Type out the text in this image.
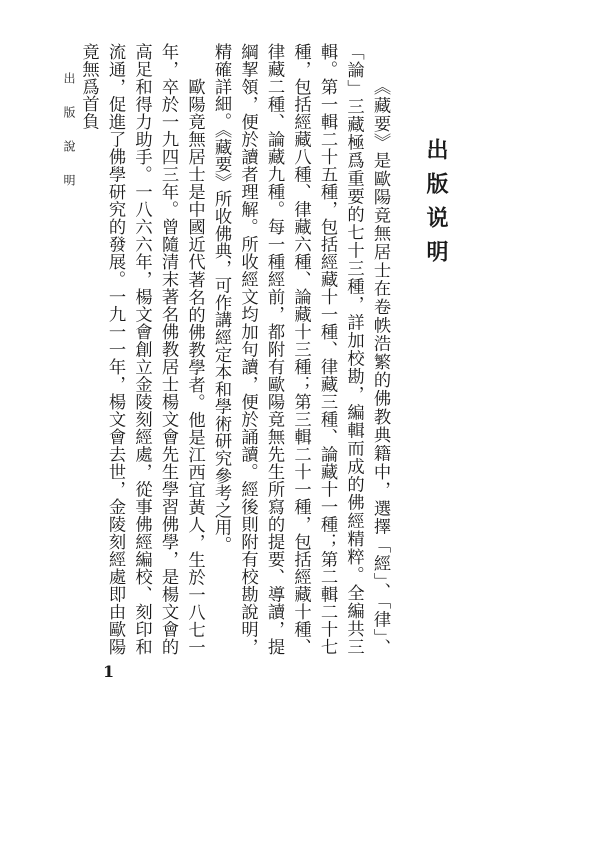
出 版 說 明
出版说明

《藏要》是歐陽竟無居士在卷帙浩繁的佛教典籍中，選擇「經」、「律」、「論」三藏極爲重要的七十三種，詳加校勘，編輯而成的佛經精粹。全編共三輯。第一輯二十五種，包括經藏十一種、律藏三種、論藏十一種；第二輯二十七種，包括經藏八種、律藏六種、論藏十三種；第三輯二十一種，包括經藏十種、律藏二種、論藏九種。每一種經前，都附有歐陽竟無先生所寫的提要、導讀，提綱挈領，便於讀者理解。所收經文均加句讀，便於誦讀。經後則附有校勘說明，精確詳細。《藏要》所收佛典，可作講經定本和學術研究參考之用。

歐陽竟無居士是中國近代著名的佛教學者。他是江西宜黃人，生於一八七一年，卒於一九四三年。曾隨清末著名佛教居士楊文會先生學習佛學，是楊文會的高足和得力助手。一八六六年，楊文會創立金陵刻經處，從事佛經編校、刻印和流通，促進了佛學研究的發展。一九一一年，楊文會去世，金陵刻經處即由歐陽竟無爲首負

1
